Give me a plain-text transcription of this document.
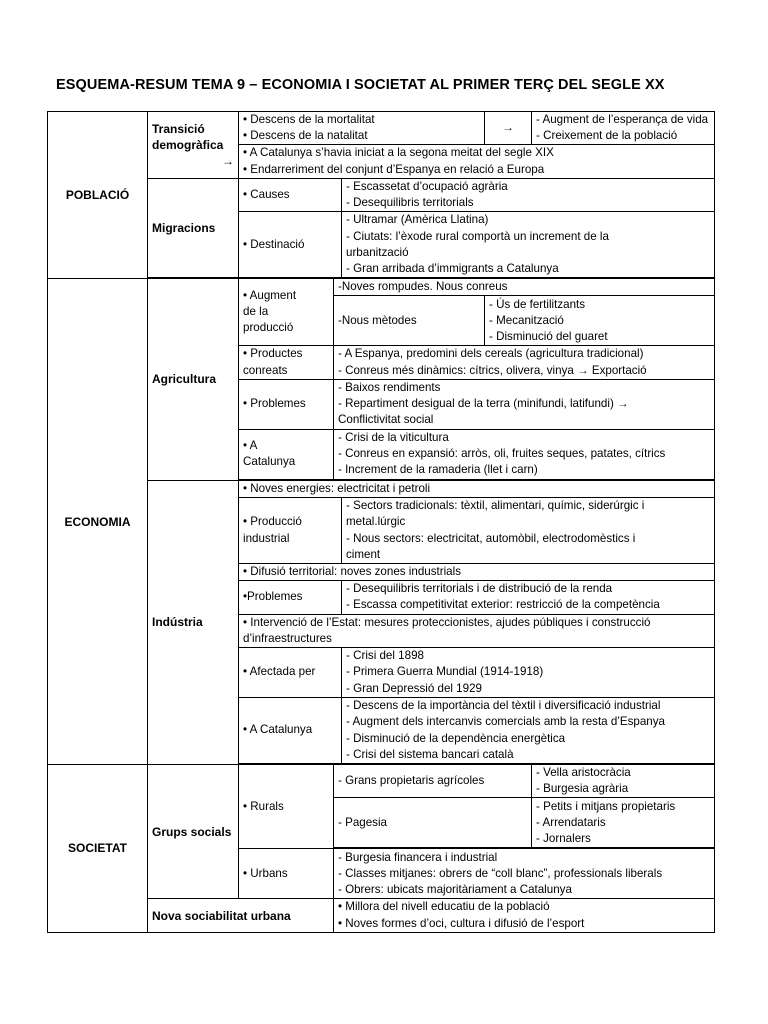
ESQUEMA-RESUM TEMA 9 – ECONOMIA I SOCIETAT AL PRIMER TERÇ DEL SEGLE XX
POBLACIÓ	Transició
demogràfica
→	• Descens de la mortalitat
• Descens de la natalitat			→	- Augment de l’esperança de vida
- Creixement de la població

		• A Catalunya s’havia iniciat a la segona meitat del segle XIX
• Endarreriment del conjunt d’Espanya en relació a Europa				

	Migracions	• Causes		- Escassetat d’ocupació agrària
- Desequilibris territorials		

		• Destinació		- Ultramar (Amèrica Llatina)
- Ciutats: l’èxode rural comportà un increment de la
urbanització
- Gran arribada d’immigrants a Catalunya		

ECONOMIA	Agricultura	• Augment
de la
producció	-Noves rompudes. Nous conreus			
			-Nous mètodes		- Ús de fertilitzants
- Mecanització
- Disminució del guaret	

		• Productes
conreats	- A Espanya, predomini dels cereals (agricultura tradicional)
- Conreus més dinàmics: cítrics, olivera, vinya → Exportació			

		• Problemes	- Baixos rendiments
- Repartiment desigual de la terra (minifundi, latifundi) →
Conflictivitat social			

		• A
Catalunya	- Crisi de la viticultura
- Conreus en expansió: arròs, oli, fruites seques, patates, cítrics
- Increment de la ramaderia (llet i carn)			

	Indústria	• Noves energies: electricitat i petroli				

		• Producció
industrial		- Sectors tradicionals: tèxtil, alimentari, químic, siderúrgic i
metal.lúrgic
- Nous sectors: electricitat, automòbil, electrodomèstics i
ciment		

		• Difusió territorial: noves zones industrials				
		•Problemes		- Desequilibris territorials i de distribució de la renda
- Escassa competitivitat exterior: restricció de la competència		

		• Intervenció de l’Estat: mesures proteccionistes, ajudes públiques i construcció
d’infraestructures				

		• Afectada per		- Crisi del 1898
- Primera Guerra Mundial (1914-1918)
- Gran Depressió del 1929		

		• A Catalunya		- Descens de la importància del tèxtil i diversificació industrial
- Augment dels intercanvis comercials amb la resta d’Espanya
- Disminució de la dependència energètica
- Crisi del sistema bancari català		

SOCIETAT	Grups socials	• Rurals	- Grans propietaris agrícoles			- Vella aristocràcia
- Burgesia agrària

			- Pagesia			- Petits i mitjans propietaris
- Arrendataris
- Jornalers

		• Urbans	- Burgesia financera i industrial
- Classes mitjanes: obrers de “coll blanc”, professionals liberals
- Obrers: ubicats majoritàriament a Catalunya			

	Nova sociabilitat urbana		• Millora del nivell educatiu de la població
• Noves formes d’oci, cultura i difusió de l’esport			
